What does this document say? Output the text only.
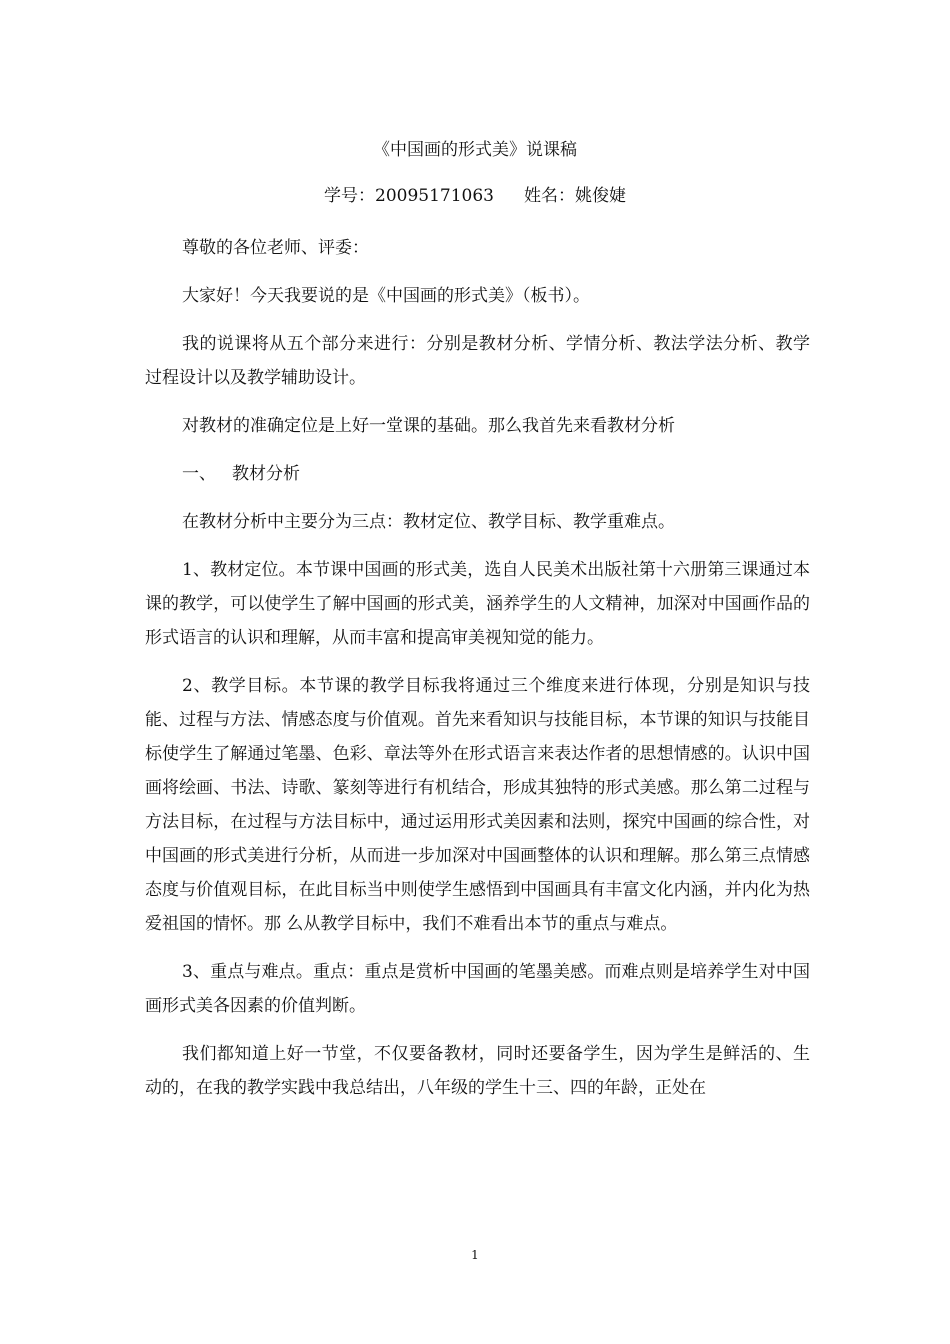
《中国画的形式美》说课稿
学号：20095171063 姓名：姚俊婕

尊敬的各位老师、评委：

大家好！今天我要说的是《中国画的形式美》（板书）。

我的说课将从五个部分来进行：分别是教材分析、学情分析、教法学法分析、教学过程设计以及教学辅助设计。

对教材的准确定位是上好一堂课的基础。那么我首先来看教材分析

一、 教材分析

在教材分析中主要分为三点：教材定位、教学目标、教学重难点。

1、教材定位。本节课中国画的形式美，选自人民美术出版社第十六册第三课通过本课的教学，可以使学生了解中国画的形式美，涵养学生的人文精神，加深对中国画作品的形式语言的认识和理解，从而丰富和提高审美视知觉的能力。

2、教学目标。本节课的教学目标我将通过三个维度来进行体现，分别是知识与技能、过程与方法、情感态度与价值观。首先来看知识与技能目标，本节课的知识与技能目标使学生了解通过笔墨、色彩、章法等外在形式语言来表达作者的思想情感的。认识中国画将绘画、书法、诗歌、篆刻等进行有机结合，形成其独特的形式美感。那么第二过程与方法目标，在过程与方法目标中，通过运用形式美因素和法则，探究中国画的综合性，对中国画的形式美进行分析，从而进一步加深对中国画整体的认识和理解。那么第三点情感态度与价值观目标，在此目标当中则使学生感悟到中国画具有丰富文化内涵，并内化为热爱祖国的情怀。那 么从教学目标中，我们不难看出本节的重点与难点。

3、重点与难点。重点：重点是赏析中国画的笔墨美感。而难点则是培养学生对中国画形式美各因素的价值判断。

我们都知道上好一节堂，不仅要备教材，同时还要备学生，因为学生是鲜活的、生动的，在我的教学实践中我总结出，八年级的学生十三、四的年龄，正处在

1
